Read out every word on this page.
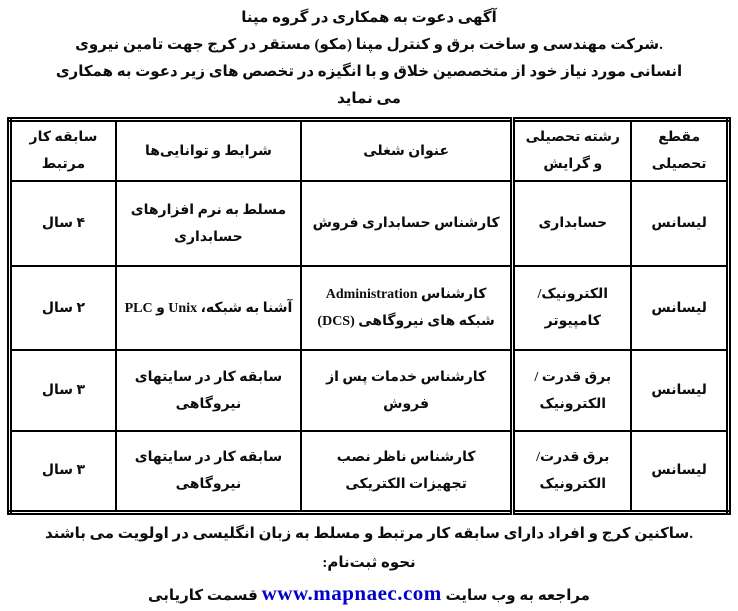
آگهی دعوت به همکاری در گروه مپنا

.شرکت مهندسی و ساخت برق و کنترل مپنا (مکو) مستقر در کرج جهت تامین نیروی

انسانی مورد نیاز خود از متخصصین خلاق و با انگیزه در تخصص های زیر دعوت به همکاری

می نماید

مقطع تحصیلی	رشته تحصیلی و گرایش	عنوان شغلی	شرایط و توانایی‌ها	سابقه کار مرتبط
لیسانس	حسابداری	کارشناس حسابداری فروش	مسلط به نرم افزارهای حسابداری	۴ سال
لیسانس	الکترونیک/ کامپیوتر	کارشناس Administration شبکه های نیروگاهی (DCS)	آشنا به شبکه، Unix و PLC	۲ سال
لیسانس	برق قدرت / الکترونیک	کارشناس خدمات پس از فروش	سابقه کار در سایتهای نیروگاهی	۳ سال
لیسانس	برق قدرت/ الکترونیک	کارشناس ناظر نصب تجهیزات الکتریکی	سابقه کار در سایتهای نیروگاهی	۳ سال

.ساکنین کرج و افراد دارای سابقه کار مرتبط و مسلط به زبان انگلیسی در اولویت می باشند

نحوه ثبت‌نام:

مراجعه به وب سایت www.mapnaec.com قسمت کاریابی
